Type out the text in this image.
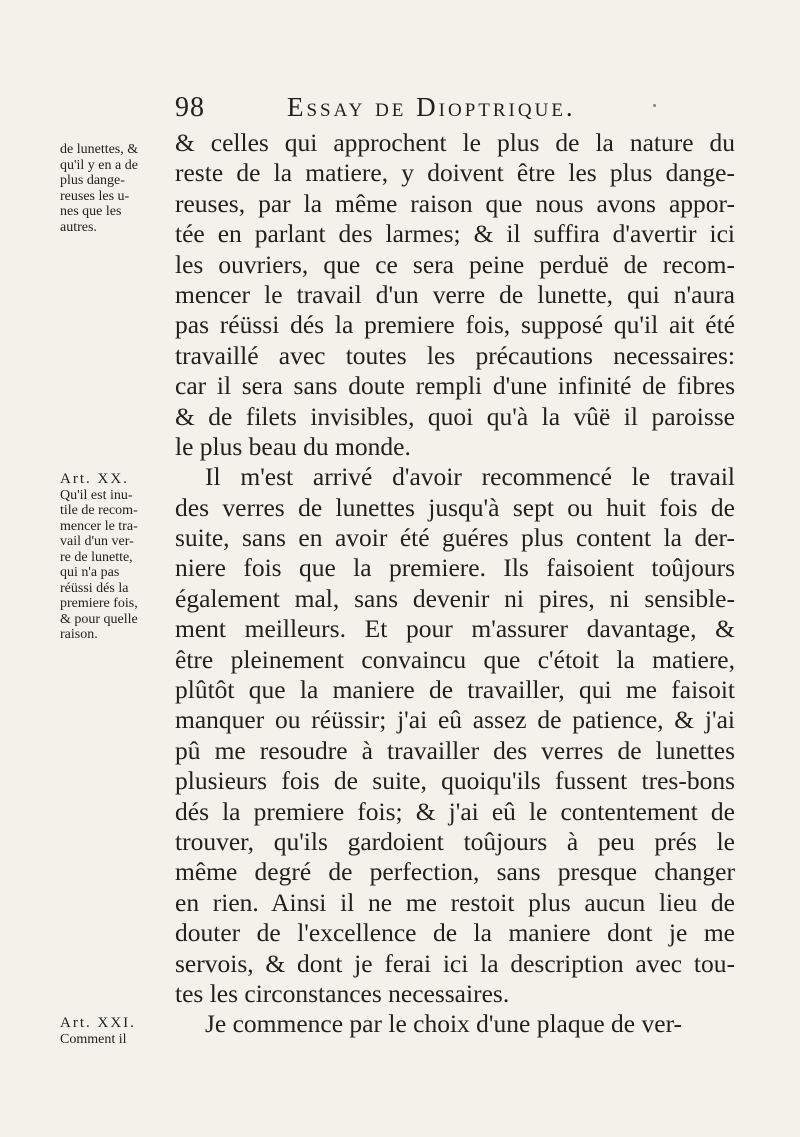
98	Essay de Dioptrique.
de lunettes, &
qu'il y en a de
plus dange-
reuses les u-
nes que les
autres.
Art. XX.
Qu'il est inu-
tile de recom-
mencer le tra-
vail d'un ver-
re de lunette,
qui n'a pas
réüssi dés la
premiere fois,
& pour quelle
raison.
Art. XXI.
Comment il
& celles qui approchent le plus de la nature du
reste de la matiere, y doivent être les plus dange-
reuses, par la même raison que nous avons appor-
tée en parlant des larmes; & il suffira d'avertir ici
les ouvriers, que ce sera peine perduë de recom-
mencer le travail d'un verre de lunette, qui n'aura
pas réüssi dés la premiere fois, supposé qu'il ait été
travaillé avec toutes les précautions necessaires:
car il sera sans doute rempli d'une infinité de fibres
& de filets invisibles, quoi qu'à la vûë il paroisse
le plus beau du monde.
Il m'est arrivé d'avoir recommencé le travail
des verres de lunettes jusqu'à sept ou huit fois de
suite, sans en avoir été guéres plus content la der-
niere fois que la premiere. Ils faisoient toûjours
également mal, sans devenir ni pires, ni sensible-
ment meilleurs. Et pour m'assurer davantage, &
être pleinement convaincu que c'étoit la matiere,
plûtôt que la maniere de travailler, qui me faisoit
manquer ou réüssir; j'ai eû assez de patience, & j'ai
pû me resoudre à travailler des verres de lunettes
plusieurs fois de suite, quoiqu'ils fussent tres-bons
dés la premiere fois; & j'ai eû le contentement de
trouver, qu'ils gardoient toûjours à peu prés le
même degré de perfection, sans presque changer
en rien. Ainsi il ne me restoit plus aucun lieu de
douter de l'excellence de la maniere dont je me
servois, & dont je ferai ici la description avec tou-
tes les circonstances necessaires.
Je commence par le choix d'une plaque de ver-
